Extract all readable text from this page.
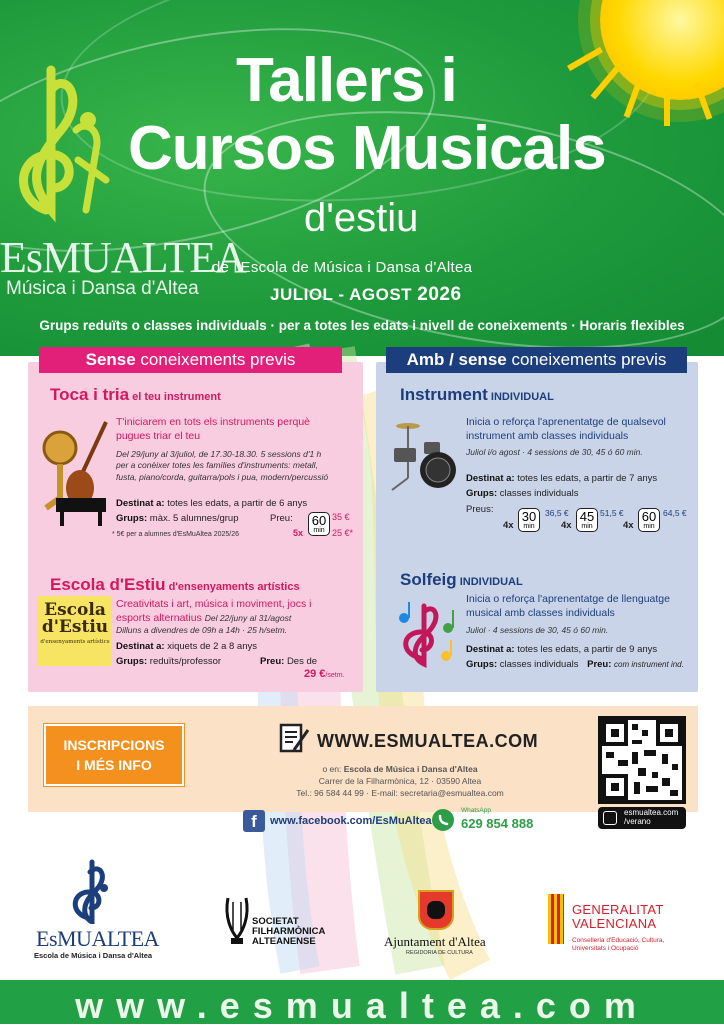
EsMUALTEA
Música i Dansa d'Altea
Tallers i
Cursos Musicals
d'estiu
de l'Escola de Música i Dansa d'Altea
JULIOL - AGOST 2026
Grups reduïts o classes individuals · per a totes les edats i nivell de coneixements · Horaris flexibles
Sense coneixements previs
Toca i tria el teu instrument
T'iniciarem en tots els instruments perquè pugues triar el teu
Del 29/juny al 3/juliol, de 17.30-18.30. 5 sessions d'1 h per a conèixer totes les famílies d'instruments: metall, fusta, piano/corda, guitarra/pols i pua, modern/percussió
Destinat a: totes les edats, a partir de 6 anys
Grups: màx. 5 alumnes/grup	Preu: 60
min
35 €
5x	25 €*
* 5€ per a alumnes d'EsMuAltea 2025/26
Escola d'Estiu d'ensenyaments artístics
Escola
d'Estiu
d'ensenyaments artístics
Creativitats i art, música i moviment, jocs i esports alternatius Del 22/juny al 31/agost
Dilluns a divendres de 09h a 14h · 25 h/setm.
Destinat a: xiquets de 2 a 8 anys
Grups: reduïts/professor	Preu: Des de
29 €/setm.
Amb / sense coneixements previs
Instrument INDIVIDUAL
Inicia o reforça l'aprenentatge de qualsevol instrument amb classes individuals
Juliol i/o agost · 4 sessions de 30, 45 ó 60 min.
Destinat a: totes les edats, a partir de 7 anys
Grups: classes individuals
Preus:
4x 30
min
36,5 €
4x 45
min
51,5 €
4x 60
min
64,5 €
Solfeig INDIVIDUAL
Inicia o reforça l'aprenentatge de llenguatge musical amb classes individuals
Juliol · 4 sessions de 30, 45 ó 60 min.
Destinat a: totes les edats, a partir de 9 anys
Grups: classes individuals Preu: com instrument ind.
INSCRIPCIONS
I MÉS INFO
WWW.ESMUALTEA.COM
o en: Escola de Música i Dansa d'Altea
Carrer de la Filharmònica, 12 · 03590 Altea
Tel.: 96 584 44 99 · E-mail: secretaria@esmualtea.com
esmualtea.com
/verano
f	www.facebook.com/EsMuAltea
WhatsApp
629 854 888
EsMUALTEA
Escola de Música i Dansa d'Altea
SOCIETAT
FILHARMÒNICA
ALTEANENSE	Ajuntament d'Altea
REGIDORIA DE CULTURA
GENERALITAT
VALENCIANA
Conselleria d'Educació, Cultura,
Universitats i Ocupació
www.esmualtea.com
